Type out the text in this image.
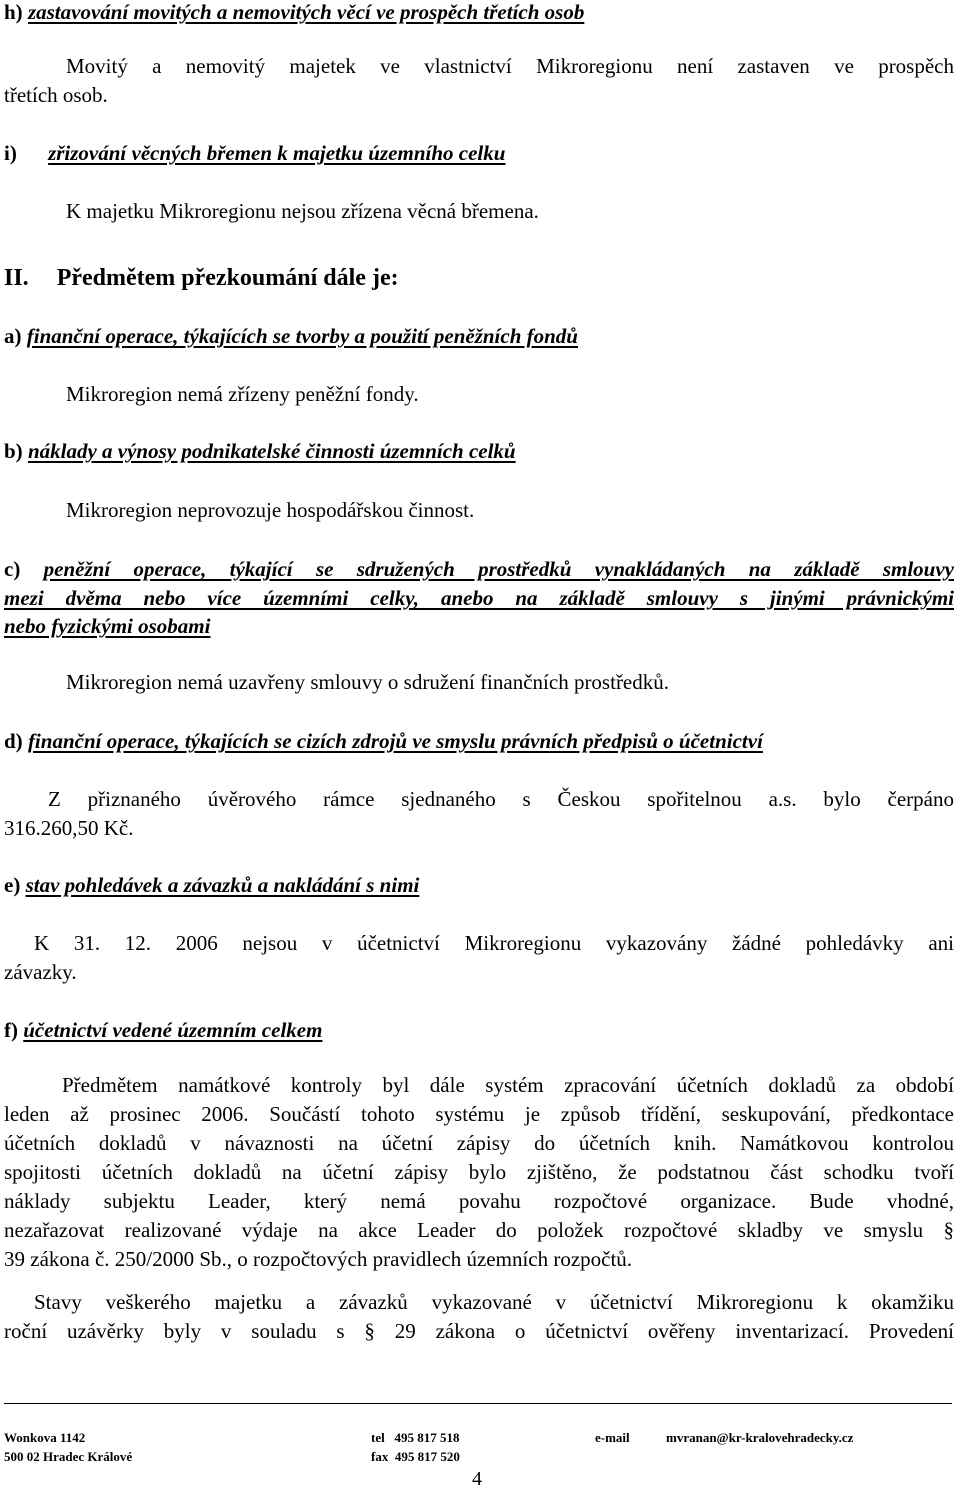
h) zastavování movitých a nemovitých věcí ve prospěch třetích osob
Movitý a nemovitý majetek ve vlastnictví Mikroregionu není zastaven ve prospěch
třetích osob.
i) zřizování věcných břemen k majetku územního celku
K majetku Mikroregionu nejsou zřízena věcná břemena.
II. Předmětem přezkoumání dále je:
a) finanční operace, týkajících se tvorby a použití peněžních fondů
Mikroregion nemá zřízeny peněžní fondy.
b) náklady a výnosy podnikatelské činnosti územních celků
Mikroregion neprovozuje hospodářskou činnost.
c) peněžní operace, týkající se sdružených prostředků vynakládaných na základě smlouvy
mezi dvěma nebo více územními celky, anebo na základě smlouvy s jinými právnickými
nebo fyzickými osobami
Mikroregion nemá uzavřeny smlouvy o sdružení finančních prostředků.
d) finanční operace, týkajících se cizích zdrojů ve smyslu právních předpisů o účetnictví
Z přiznaného úvěrového rámce sjednaného s Českou spořitelnou a.s. bylo čerpáno
316.260,50 Kč.
e) stav pohledávek a závazků a nakládání s nimi
K 31. 12. 2006 nejsou v účetnictví Mikroregionu vykazovány žádné pohledávky ani
závazky.
f) účetnictví vedené územním celkem
Předmětem namátkové kontroly byl dále systém zpracování účetních dokladů za období
leden až prosinec 2006. Součástí tohoto systému je způsob třídění, seskupování, předkontace
účetních dokladů v návaznosti na účetní zápisy do účetních knih. Namátkovou kontrolou
spojitosti účetních dokladů na účetní zápisy bylo zjištěno, že podstatnou část schodku tvoří
náklady subjektu Leader, který nemá povahu rozpočtové organizace. Bude vhodné,
nezařazovat realizované výdaje na akce Leader do položek rozpočtové skladby ve smyslu §
39 zákona č. 250/2000 Sb., o rozpočtových pravidlech územních rozpočtů.
Stavy veškerého majetku a závazků vykazované v účetnictví Mikroregionu k okamžiku
roční uzávěrky byly v souladu s § 29 zákona o účetnictví ověřeny inventarizací. Provedení
Wonkova 1142
500 02 Hradec Králové
tel   495 817 518
fax  495 817 520
e-mail	mvranan@kr-kralovehradecky.cz
4
